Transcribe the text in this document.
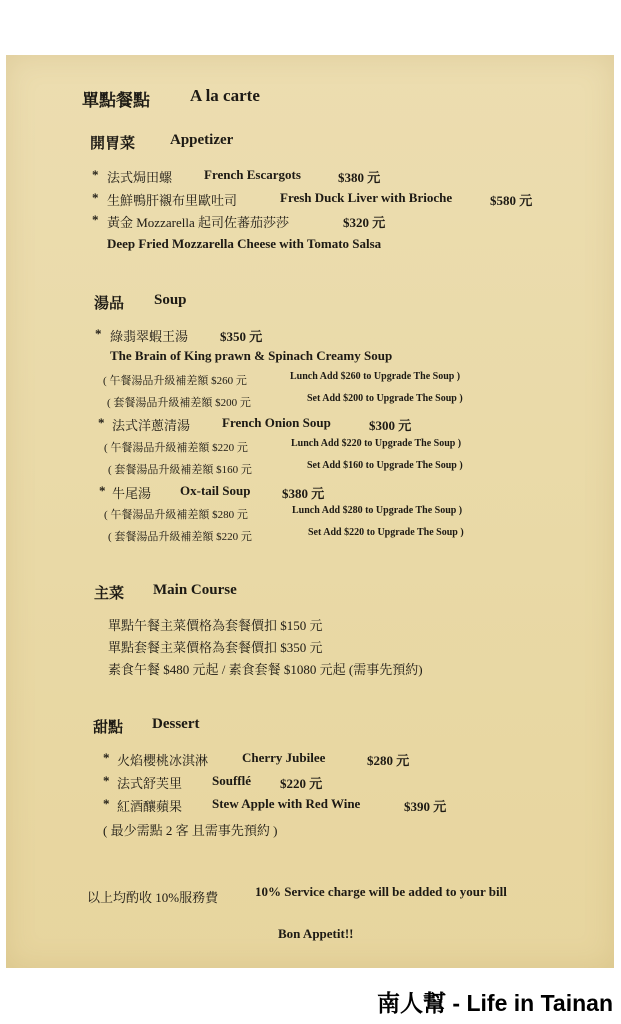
單點餐點 A la carte
開胃菜 Appetizer
* 法式焗田螺 French Escargots	$380 元
* 生鮮鴨肝襯布里歐吐司	Fresh Duck Liver with Brioche	$580 元
* 黃金 Mozzarella 起司佐蕃茄莎莎	$320 元
Deep Fried Mozzarella Cheese with Tomato Salsa
湯品 Soup
* 綠翡翠蝦王湯 $350 元
The Brain of King prawn & Spinach Creamy Soup
( 午餐湯品升級補差額 $260 元	Lunch Add $260 to Upgrade The Soup )
( 套餐湯品升級補差額 $200 元	Set Add $200 to Upgrade The Soup )
* 法式洋蔥清湯 French Onion Soup	$300 元
( 午餐湯品升級補差額 $220 元	Lunch Add $220 to Upgrade The Soup )
( 套餐湯品升級補差額 $160 元	Set Add $160 to Upgrade The Soup )
* 牛尾湯 Ox-tail Soup $380 元
( 午餐湯品升級補差額 $280 元	Lunch Add $280 to Upgrade The Soup )
( 套餐湯品升級補差額 $220 元	Set Add $220 to Upgrade The Soup )
主菜 Main Course
單點午餐主菜價格為套餐價扣 $150 元
單點套餐主菜價格為套餐價扣 $350 元
素食午餐 $480 元起 / 素食套餐 $1080 元起 (需事先預約)
甜點 Dessert
* 火焰櫻桃冰淇淋	Cherry Jubilee	$280 元
* 法式舒芙里 Soufflé $220 元
* 紅酒釀蘋果 Stew Apple with Red Wine	$390 元
( 最少需點 2 客 且需事先預約 )
以上均酌收 10%服務費	10% Service charge will be added to your bill
Bon Appetit!!
南人幫 - Life in Tainan
